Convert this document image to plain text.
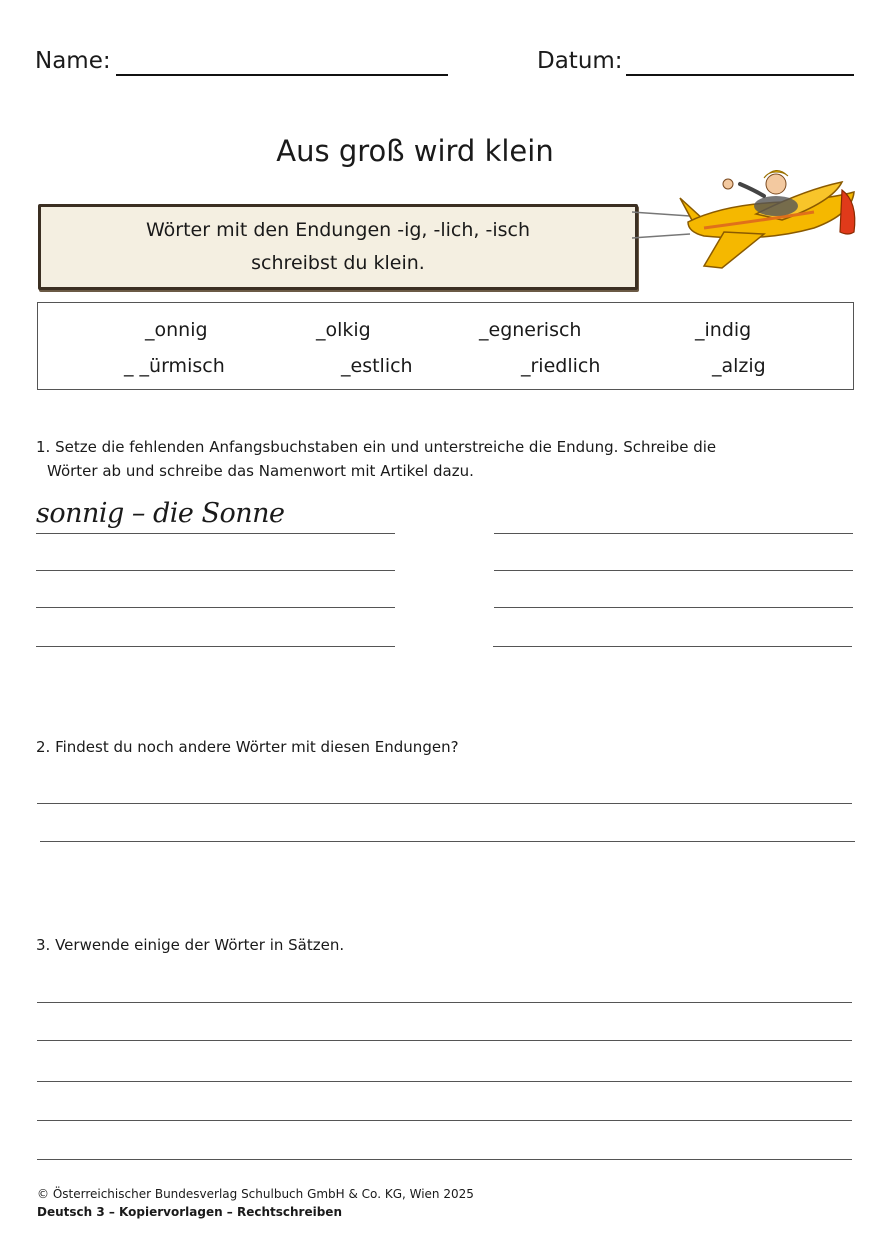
Name:	Datum:
Aus groß wird klein
Wörter mit den Endungen -ig, -lich, -isch
schreibst du klein.
_onnig	_olkig	_egnerisch	_indig
_ _ürmisch	_estlich	_riedlich	_alzig
1. Setze die fehlenden Anfangsbuchstaben ein und unterstreiche die Endung. Schreibe die
Wörter ab und schreibe das Namenwort mit Artikel dazu.
sonnig – die Sonne
2. Findest du noch andere Wörter mit diesen Endungen?
3. Verwende einige der Wörter in Sätzen.
© Österreichischer Bundesverlag Schulbuch GmbH & Co. KG, Wien 2025
Deutsch 3 – Kopiervorlagen – Rechtschreiben
